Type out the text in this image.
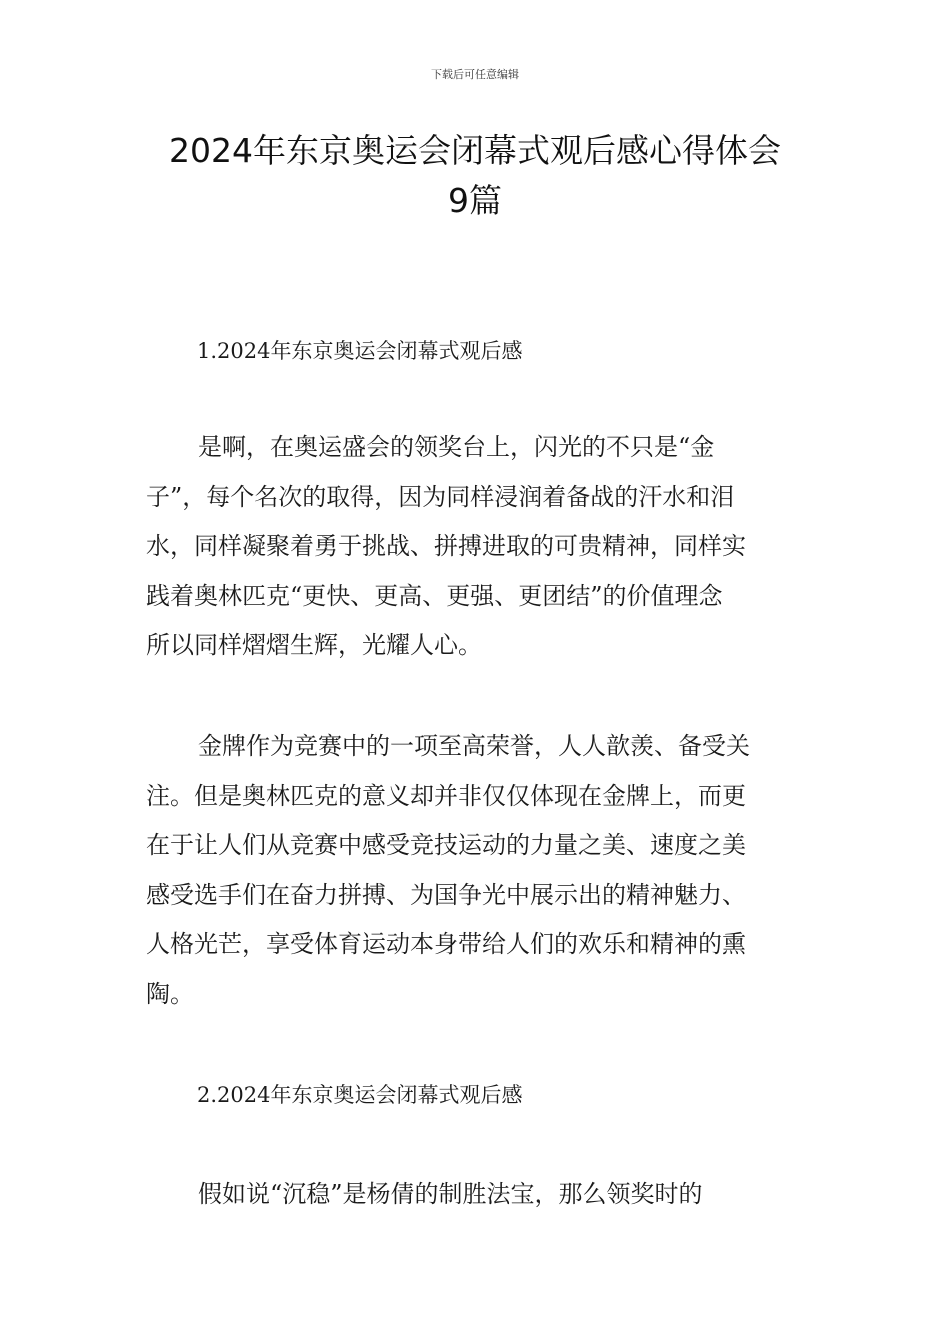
下载后可任意编辑
2024年东京奥运会闭幕式观后感心得体会
9篇
1.2024年东京奥运会闭幕式观后感

是啊，在奥运盛会的领奖台上，闪光的不只是“金
子”，每个名次的取得，因为同样浸润着备战的汗水和泪
水，同样凝聚着勇于挑战、拼搏进取的可贵精神，同样实
践着奥林匹克“更快、更高、更强、更团结”的价值理念
所以同样熠熠生辉，光耀人心。

金牌作为竞赛中的一项至高荣誉，人人歆羡、备受关
注。但是奥林匹克的意义却并非仅仅体现在金牌上，而更
在于让人们从竞赛中感受竞技运动的力量之美、速度之美
感受选手们在奋力拼搏、为国争光中展示出的精神魅力、
人格光芒，享受体育运动本身带给人们的欢乐和精神的熏
陶。

2.2024年东京奥运会闭幕式观后感

假如说“沉稳”是杨倩的制胜法宝，那么领奖时的
